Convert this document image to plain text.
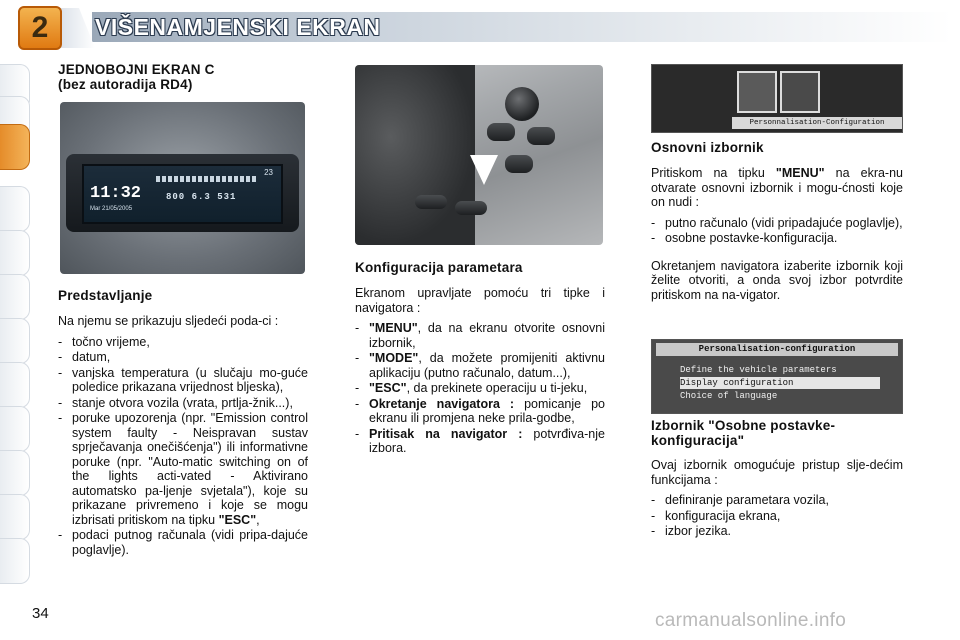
2	VIŠENAMJENSKI EKRAN
JEDNOBOJNI EKRAN C
(bez autoradija RD4)
23
11:32	800 6.3 531
Mar 21/05/2005
Predstavljanje

Na njemu se prikazuju sljedeći poda-ci :

- točno vrijeme,
- datum,
- vanjska temperatura (u slučaju mo-gućе poledice prikazana vrijednost bljeska),
- stanje otvora vozila (vrata, prtlja-žnik...),
- poruke upozorenja (npr. "Emission control system faulty - Neispravan sustav sprječavanja onečišćenja") ili informativne poruke (npr. "Auto-matic switching on of the lights acti-vated - Aktivirano automatsko pa-ljenje svjetala"), koje su prikazane privremeno i koje se mogu izbrisati pritiskom na tipku "ESC",
- podaci putnog računala (vidi pripa-dajuće poglavlje).
Konfiguracija parametara

Ekranom upravljate pomoću tri tipke i navigatora :

- "MENU", da na ekranu otvorite osnovni izbornik,
- "MODE", da možete promijeniti aktivnu aplikaciju (putno računalo, datum...),
- "ESC", da prekinete operaciju u ti-jeku,
- Okretanje navigatora : pomicanje po ekranu ili promjena neke prila-godbe,
- Pritisak na navigator : potvrđiva-nje izbora.
Personnalisation-Configuration
Osnovni izbornik

Pritiskom na tipku "MENU" na ekra-nu otvarate osnovni izbornik i mogu-ćnosti koje on nudi :

- putno računalo (vidi pripadajuće poglavlje),
- osobne postavke-konfiguracija.

Okretanjem navigatora izaberite izbornik koji želite otvoriti, a onda svoj izbor potvrdite pritiskom na na-vigator.

Personalisation-configuration
Define the vehicle parameters
Display configuration
Choice of language
Izbornik "Osobne postavke-konfiguracija"

Ovaj izbornik omogućuje pristup slje-dećim funkcijama :

- definiranje parametara vozila,
- konfiguracija ekrana,
- izbor jezika.
34	carmanualsonline.info
